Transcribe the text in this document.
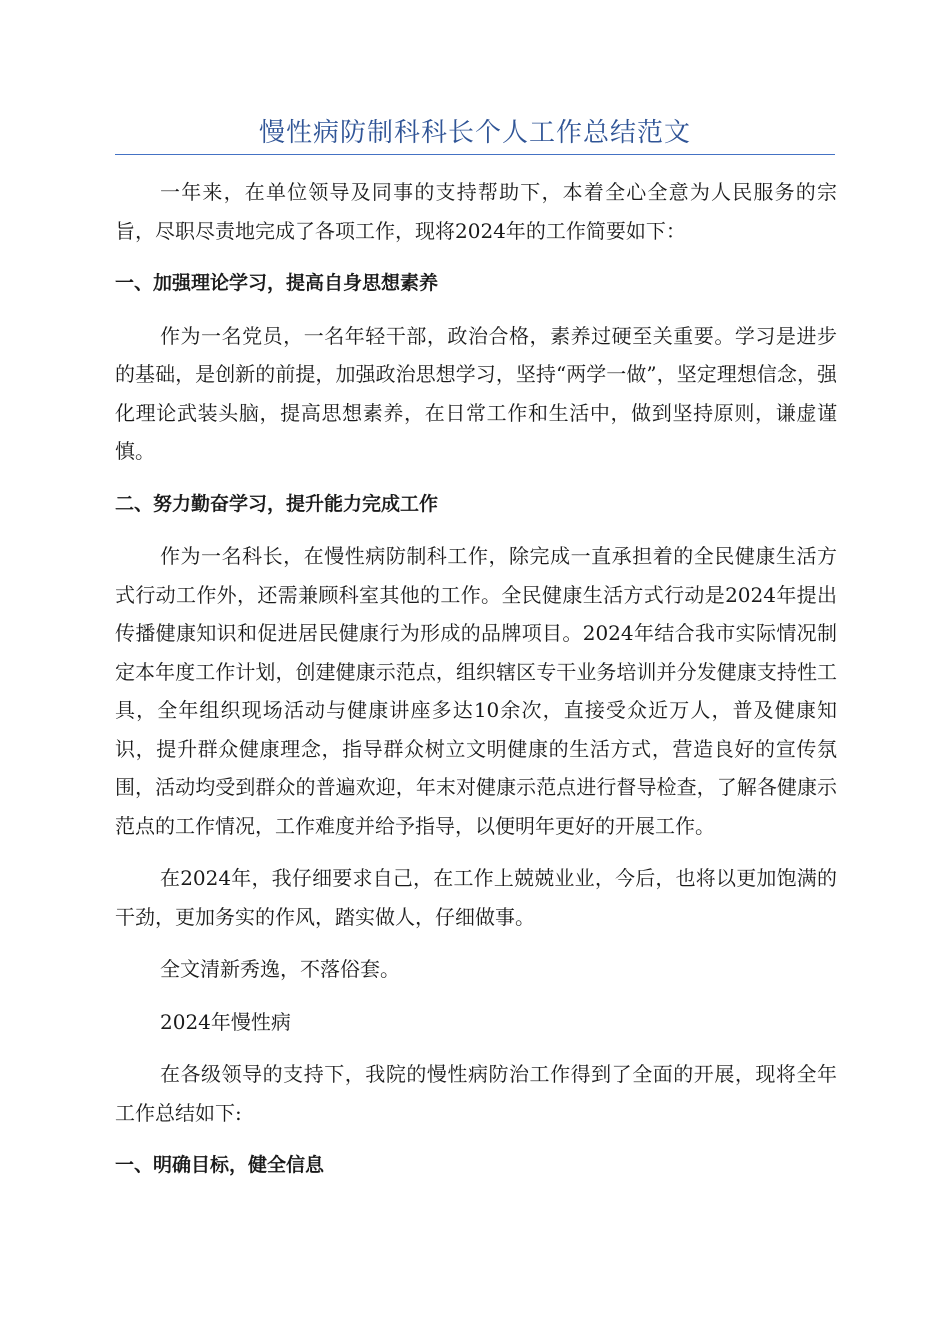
慢性病防制科科长个人工作总结范文

一年来，在单位领导及同事的支持帮助下，本着全心全意为人民服务的宗旨，尽职尽责地完成了各项工作，现将2024年的工作简要如下：

一、加强理论学习，提高自身思想素养

作为一名党员，一名年轻干部，政治合格，素养过硬至关重要。学习是进步的基础，是创新的前提，加强政治思想学习，坚持“两学一做”，坚定理想信念，强化理论武装头脑，提高思想素养，在日常工作和生活中，做到坚持原则，谦虚谨慎。

二、努力勤奋学习，提升能力完成工作

作为一名科长，在慢性病防制科工作，除完成一直承担着的全民健康生活方式行动工作外，还需兼顾科室其他的工作。全民健康生活方式行动是2024年提出传播健康知识和促进居民健康行为形成的品牌项目。2024年结合我市实际情况制定本年度工作计划，创建健康示范点，组织辖区专干业务培训并分发健康支持性工具，全年组织现场活动与健康讲座多达10余次，直接受众近万人，普及健康知识，提升群众健康理念，指导群众树立文明健康的生活方式，营造良好的宣传氛围，活动均受到群众的普遍欢迎，年末对健康示范点进行督导检查，了解各健康示范点的工作情况，工作难度并给予指导，以便明年更好的开展工作。

在2024年，我仔细要求自己，在工作上兢兢业业，今后，也将以更加饱满的干劲，更加务实的作风，踏实做人，仔细做事。

全文清新秀逸，不落俗套。

2024年慢性病

在各级领导的支持下，我院的慢性病防治工作得到了全面的开展，现将全年工作总结如下:

一、明确目标，健全信息
